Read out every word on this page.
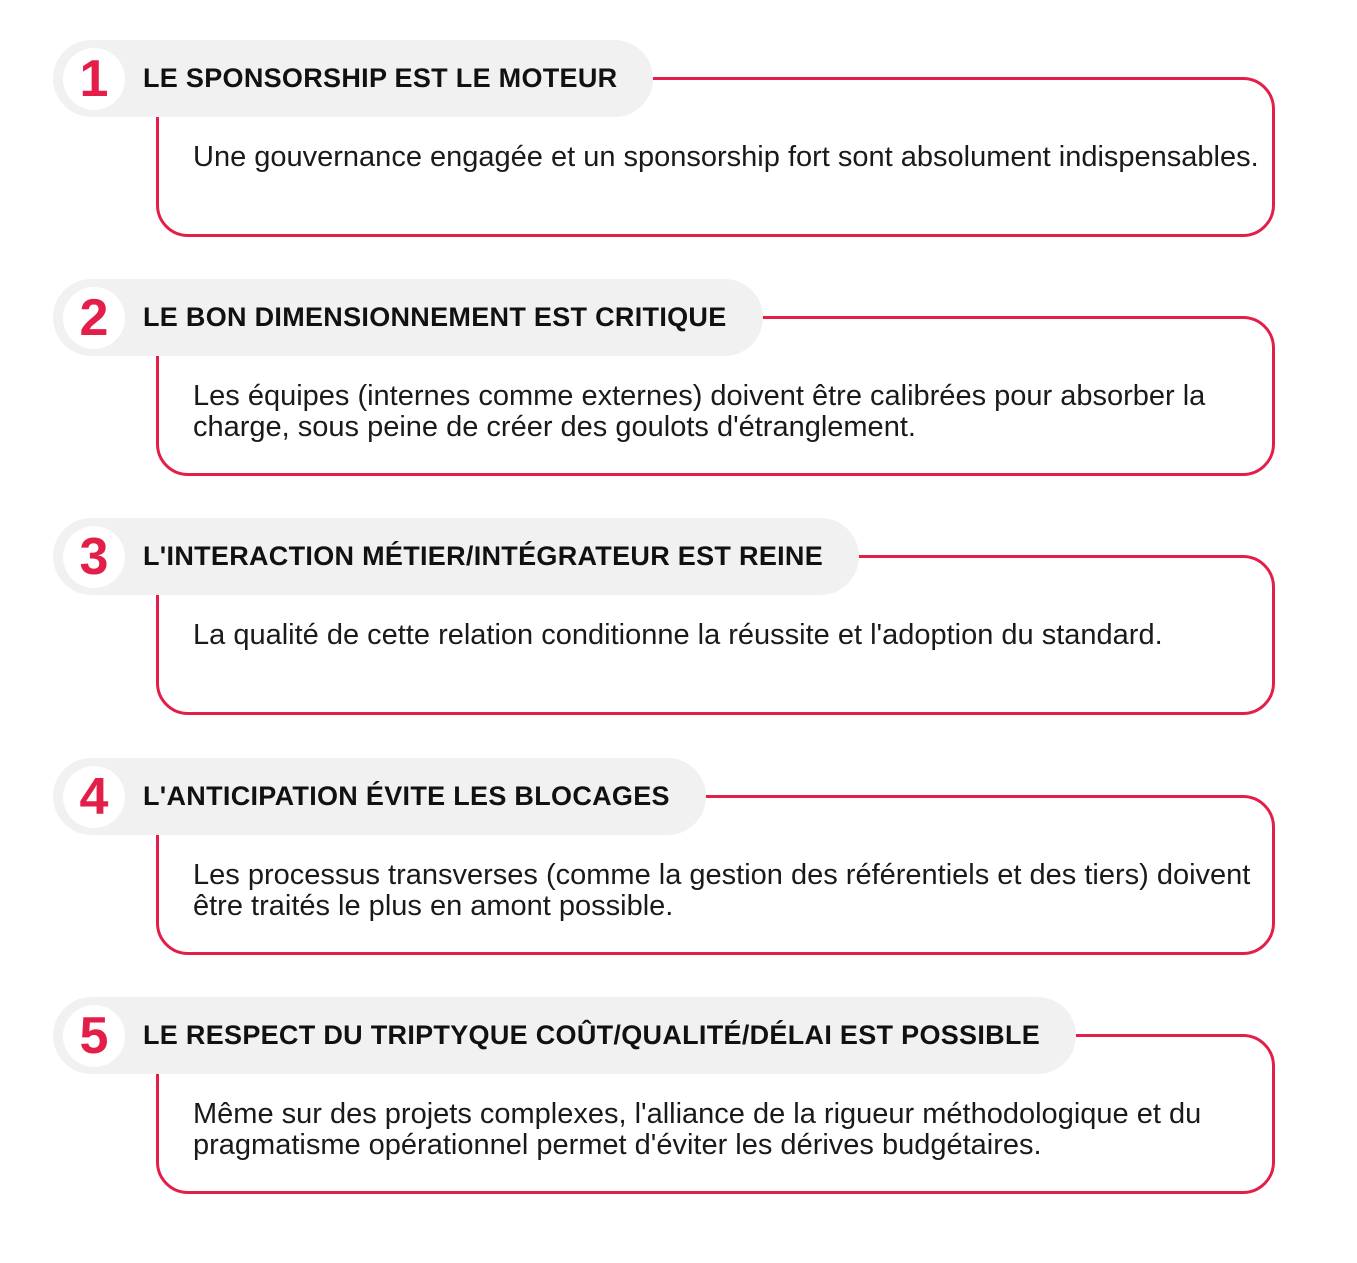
1	LE SPONSORSHIP EST LE MOTEUR
Une gouvernance engagée et un sponsorship fort sont absolument indispensables.
2	LE BON DIMENSIONNEMENT EST CRITIQUE
Les équipes (internes comme externes) doivent être calibrées pour absorber la charge, sous peine de créer des goulots d'étranglement.
3	L'INTERACTION MÉTIER/INTÉGRATEUR EST REINE
La qualité de cette relation conditionne la réussite et l'adoption du standard.
4	L'ANTICIPATION ÉVITE LES BLOCAGES
Les processus transverses (comme la gestion des référentiels et des tiers) doivent être traités le plus en amont possible.
5	LE RESPECT DU TRIPTYQUE COÛT/QUALITÉ/DÉLAI EST POSSIBLE
Même sur des projets complexes, l'alliance de la rigueur méthodologique et du pragmatisme opérationnel permet d'éviter les dérives budgétaires.
